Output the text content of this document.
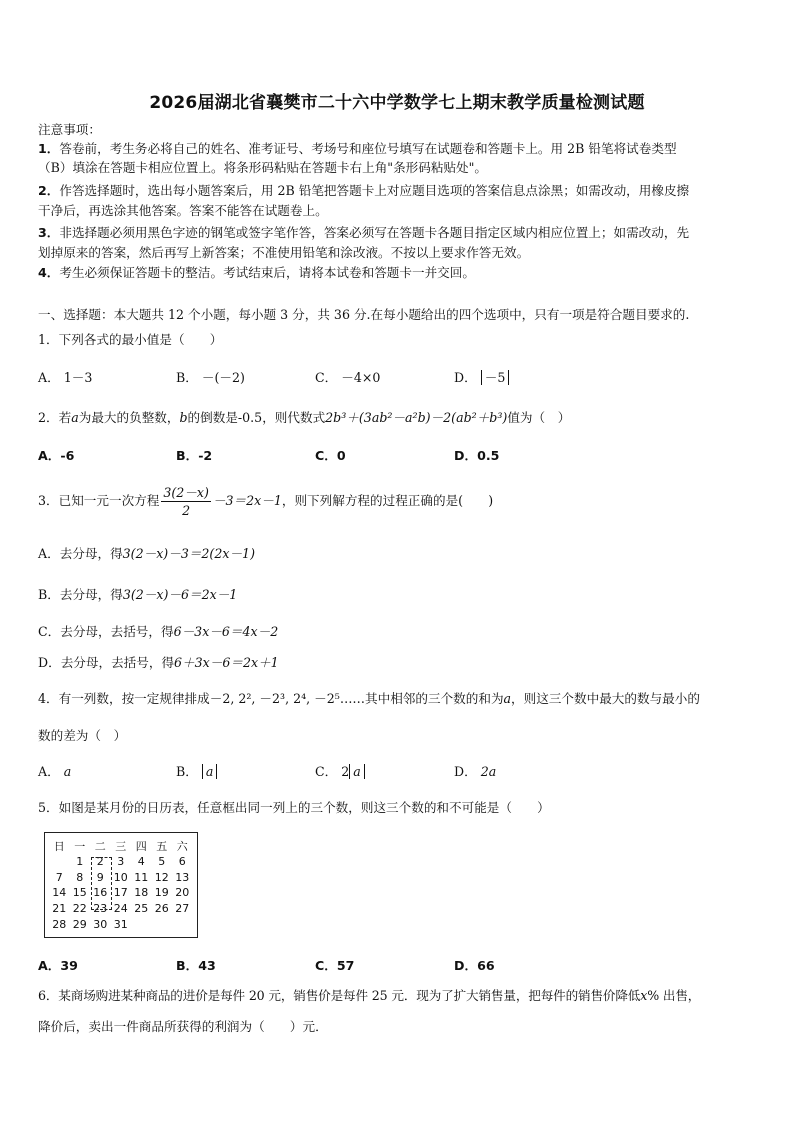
2026届湖北省襄樊市二十六中学数学七上期末教学质量检测试题
注意事项：
1．答卷前，考生务必将自己的姓名、准考证号、考场号和座位号填写在试题卷和答题卡上。用 2B 铅笔将试卷类型
（B）填涂在答题卡相应位置上。将条形码粘贴在答题卡右上角"条形码粘贴处"。
2．作答选择题时，选出每小题答案后，用 2B 铅笔把答题卡上对应题目选项的答案信息点涂黑；如需改动，用橡皮擦
干净后，再选涂其他答案。答案不能答在试题卷上。
3．非选择题必须用黑色字迹的钢笔或签字笔作答，答案必须写在答题卡各题目指定区域内相应位置上；如需改动，先
划掉原来的答案，然后再写上新答案；不准使用铅笔和涂改液。不按以上要求作答无效。
4．考生必须保证答题卡的整洁。考试结束后，请将本试卷和答题卡一并交回。
一、选择题：本大题共 12 个小题，每小题 3 分，共 36 分.在每小题给出的四个选项中，只有一项是符合题目要求的.
1．下列各式的最小值是（　　）
A． 1－3	B． －(－2)	C． －4×0	D． －5
2．若a为最大的负整数，b的倒数是-0.5，则代数式2b³＋(3ab²－a²b)－2(ab²＋b³)值为（　）
A．-6	B．-2	C．0	D．0.5
3．已知一元一次方程 $\frac{3(2-x)}{2} -3=2x-1$，则下列解方程的过程正确的是(　　)
A．去分母，得3(2－x)－3＝2(2x－1)
B．去分母，得3(2－x)－6＝2x－1
C．去分母，去括号，得6－3x－6＝4x－2
D．去分母，去括号，得6＋3x－6＝2x＋1
4．有一列数，按一定规律排成－2, 2², －2³, 2⁴, －2⁵……其中相邻的三个数的和为a，则这三个数中最大的数与最小的
数的差为（　）
A． a	B． a	C． 2 a	D． 2a
5．如图是某月份的日历表，任意框出同一列上的三个数，则这三个数的和不可能是（　　）
日	一	二	三	四	五	六
	1	2	3	4	5	6
7	8	9	10	11	12	13
14	15	16	17	18	19	20
21	22	23	24	25	26	27
28	29	30	31			
A．39	B．43	C．57	D．66
6．某商场购进某种商品的进价是每件 20 元，销售价是每件 25 元．现为了扩大销售量，把每件的销售价降低x% 出售，
降价后，卖出一件商品所获得的利润为（　　）元．
